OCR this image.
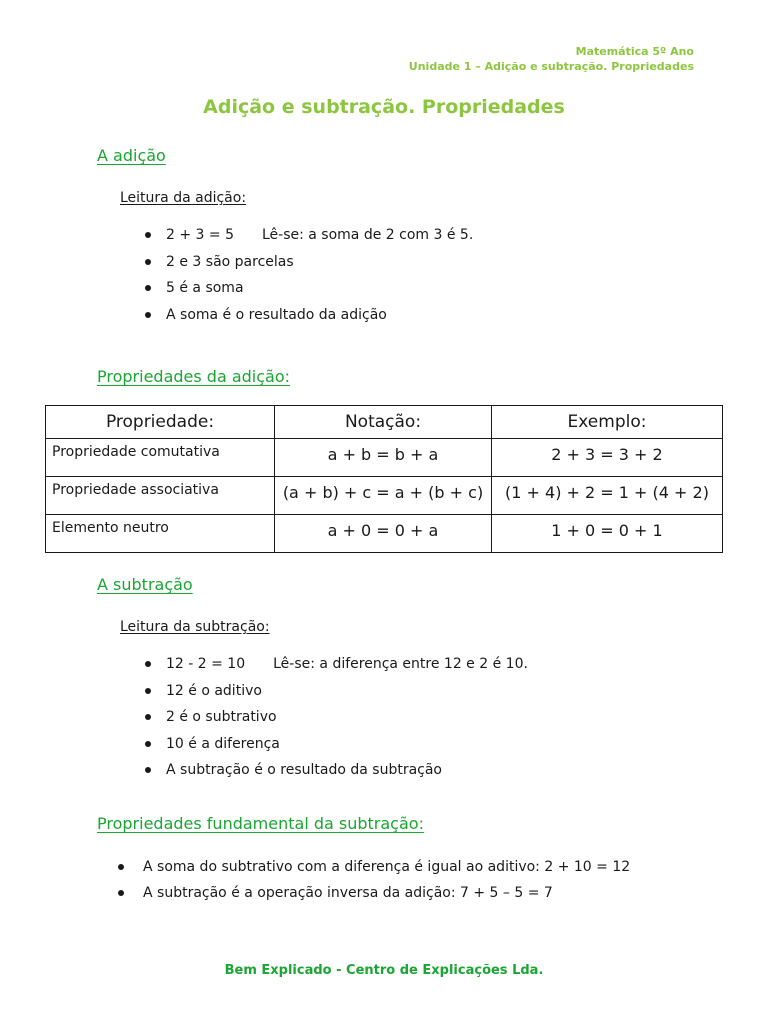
Matemática 5º Ano
Unidade 1 – Adição e subtração. Propriedades
Adição e subtração. Propriedades
A adição
Leitura da adição:
2 + 3 = 5 Lê-se: a soma de 2 com 3 é 5.
2 e 3 são parcelas
5 é a soma
A soma é o resultado da adição
Propriedades da adição:
Propriedade:	Notação:	Exemplo:
Propriedade comutativa	a + b = b + a	2 + 3 = 3 + 2
Propriedade associativa	(a + b) + c = a + (b + c)	(1 + 4) + 2 = 1 + (4 + 2)
Elemento neutro	a + 0 = 0 + a	1 + 0 = 0 + 1
A subtração
Leitura da subtração:
12 - 2 = 10 Lê-se: a diferença entre 12 e 2 é 10.
12 é o aditivo
2 é o subtrativo
10 é a diferença
A subtração é o resultado da subtração
Propriedades fundamental da subtração:
A soma do subtrativo com a diferença é igual ao aditivo: 2 + 10 = 12
A subtração é a operação inversa da adição: 7 + 5 – 5 = 7
Bem Explicado - Centro de Explicações Lda.
